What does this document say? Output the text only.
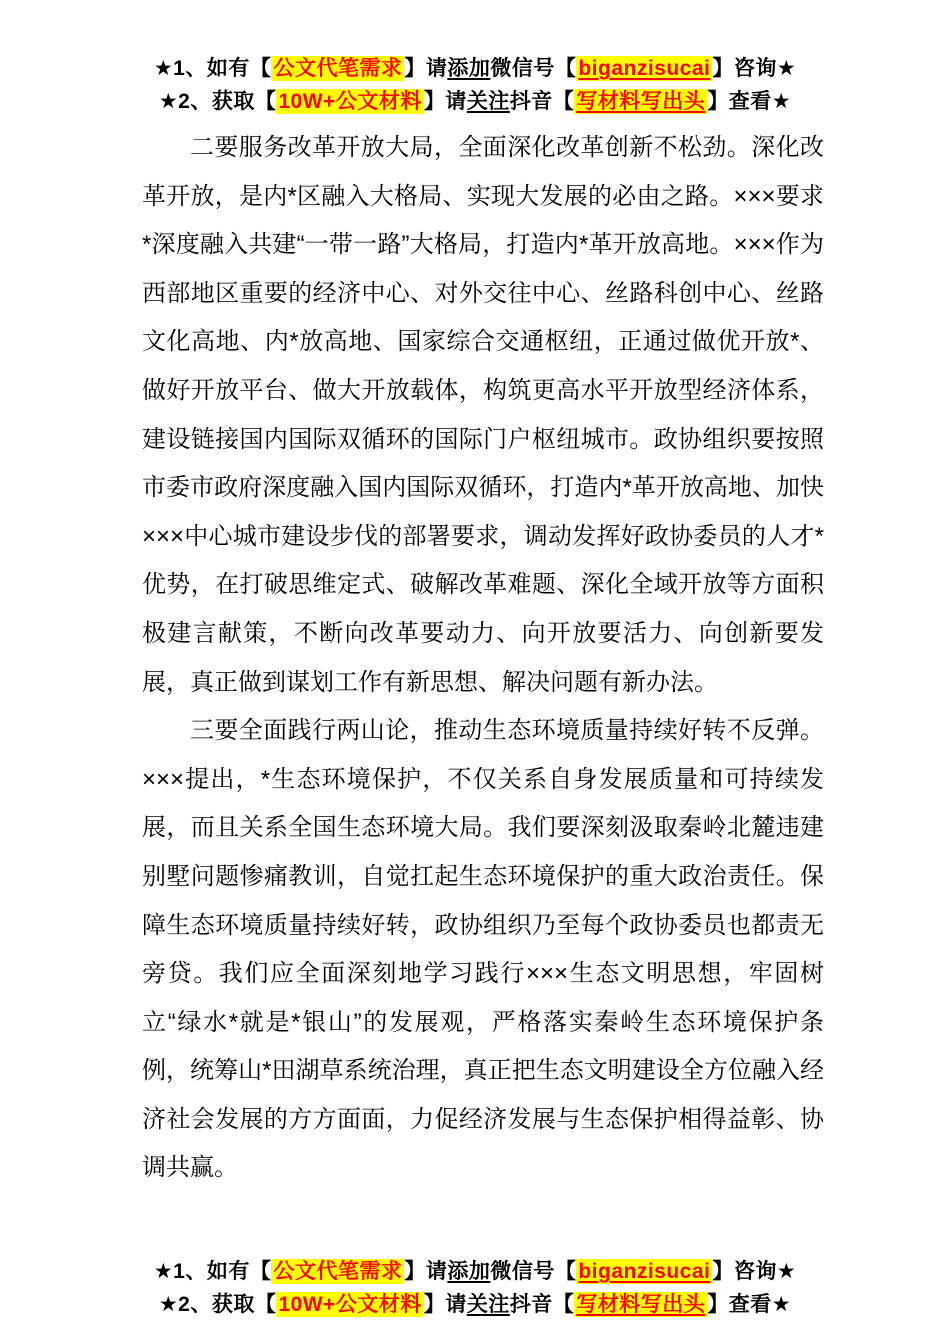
★1、如有【公文代笔需求】请添加微信号【biganzisucai】咨询★
★2、获取【10W+公文材料】请关注抖音【写材料写出头】查看★

二要服务改革开放大局，全面深化改革创新不松劲。深化改革开放，是内*区融入大格局、实现大发展的必由之路。×××要求*深度融入共建“一带一路”大格局，打造内*革开放高地。×××作为西部地区重要的经济中心、对外交往中心、丝路科创中心、丝路文化高地、内*放高地、国家综合交通枢纽，正通过做优开放*、做好开放平台、做大开放载体，构筑更高水平开放型经济体系，建设链接国内国际双循环的国际门户枢纽城市。政协组织要按照市委市政府深度融入国内国际双循环，打造内*革开放高地、加快×××中心城市建设步伐的部署要求，调动发挥好政协委员的人才*优势，在打破思维定式、破解改革难题、深化全域开放等方面积极建言献策，不断向改革要动力、向开放要活力、向创新要发展，真正做到谋划工作有新思想、解决问题有新办法。

三要全面践行两山论，推动生态环境质量持续好转不反弹。×××提出，*生态环境保护，不仅关系自身发展质量和可持续发展，而且关系全国生态环境大局。我们要深刻汲取秦岭北麓违建别墅问题惨痛教训，自觉扛起生态环境保护的重大政治责任。保障生态环境质量持续好转，政协组织乃至每个政协委员也都责无旁贷。我们应全面深刻地学习践行×××生态文明思想，牢固树立“绿水*就是*银山”的发展观，严格落实秦岭生态环境保护条例，统筹山*田湖草系统治理，真正把生态文明建设全方位融入经济社会发展的方方面面，力促经济发展与生态保护相得益彰、协调共赢。

★1、如有【公文代笔需求】请添加微信号【biganzisucai】咨询★
★2、获取【10W+公文材料】请关注抖音【写材料写出头】查看★
